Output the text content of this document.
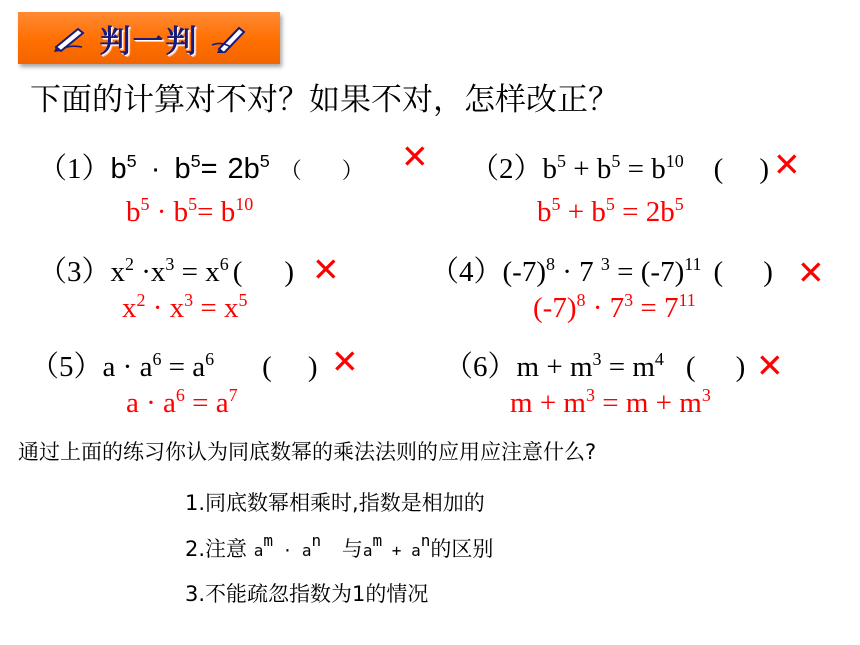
判一判
下面的计算对不对？如果不对，怎样改正？
$(1)b^5 \cdot b^5= 2b^5$ （ ） ✕ $(2)b^5 + b^5 = b^{10}$ ( ) ✕
$b^5 \cdot b^5= b^{10}$	$b^5 + b^5 = 2b^5$
$(3)x^2 \cdot x^3 = x^6$ ( ) ✕	$(4)(-7)^8 \cdot 7$ $^3 = (-7)^{11}$ ( ) ✕
$x^2 \cdot x^3 = x^5$	$(-7)^8 \cdot 7^3 = 7^{11}$
$(5)a \cdot a^6 = a^6$ ( ) ✕	$(6)m + m^3 = m^4$ ( ) ✕
$a \cdot a^6 = a^7$	$m + m^3 = m + m^3$
通过上面的练习你认为同底数幂的乘法法则的应用应注意什么?
1.同底数幂相乘时,指数是相加的
2.注意 $a^m \cdot a^n$ 与$a^m + a^n$的区别
3.不能疏忽指数为1的情况
